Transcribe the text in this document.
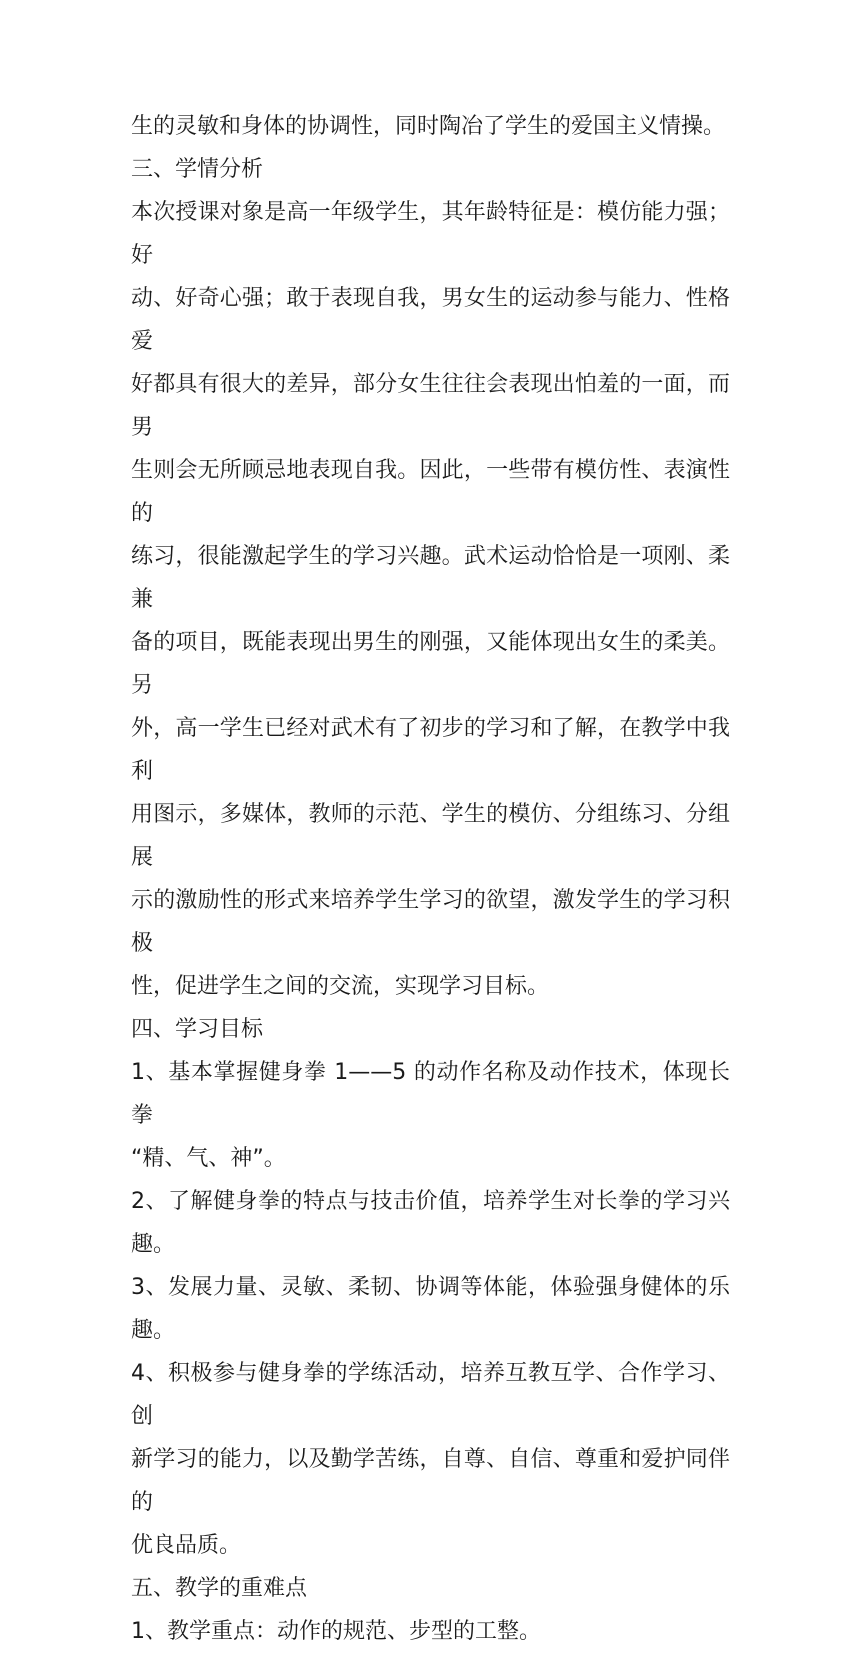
生的灵敏和身体的协调性，同时陶冶了学生的爱国主义情操。

三、学情分析

本次授课对象是高一年级学生，其年龄特征是：模仿能力强；好
动、好奇心强；敢于表现自我，男女生的运动参与能力、性格爱
好都具有很大的差异，部分女生往往会表现出怕羞的一面，而男
生则会无所顾忌地表现自我。因此，一些带有模仿性、表演性的
练习，很能激起学生的学习兴趣。武术运动恰恰是一项刚、柔兼
备的项目，既能表现出男生的刚强，又能体现出女生的柔美。另
外，高一学生已经对武术有了初步的学习和了解，在教学中我利
用图示，多媒体，教师的示范、学生的模仿、分组练习、分组展
示的激励性的形式来培养学生学习的欲望，激发学生的学习积极
性，促进学生之间的交流，实现学习目标。

四、学习目标

1、基本掌握健身拳 1——5 的动作名称及动作技术，体现长拳
“精、气、神”。

2、了解健身拳的特点与技击价值，培养学生对长拳的学习兴趣。

3、发展力量、灵敏、柔韧、协调等体能，体验强身健体的乐趣。

4、积极参与健身拳的学练活动，培养互教互学、合作学习、创
新学习的能力，以及勤学苦练，自尊、自信、尊重和爱护同伴的
优良品质。

五、教学的重难点

1、教学重点：动作的规范、步型的工整。
